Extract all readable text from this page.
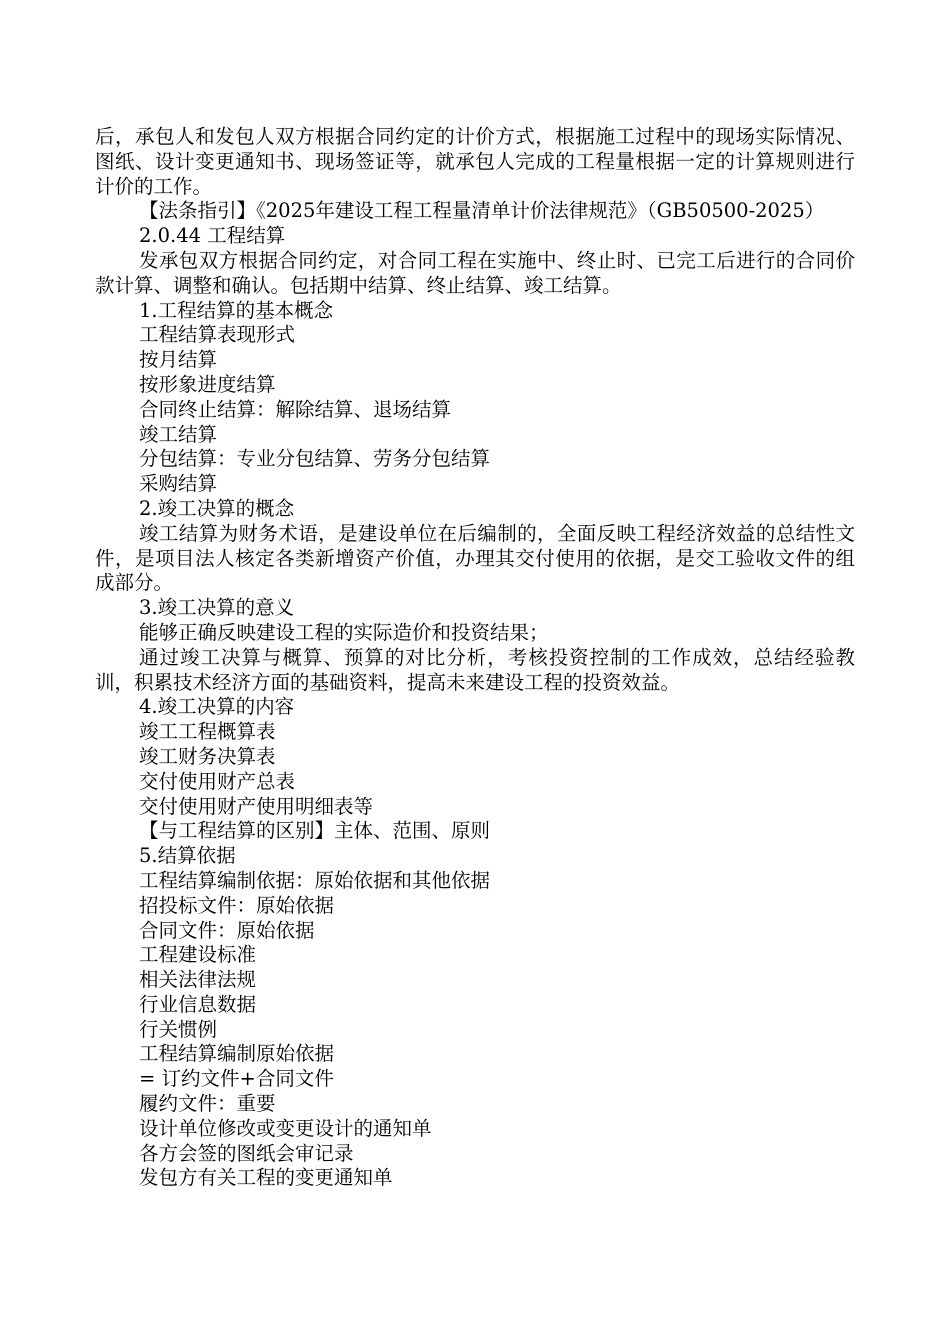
后，承包人和发包人双方根据合同约定的计价方式，根据施工过程中的现场实际情况、图纸、设计变更通知书、现场签证等，就承包人完成的工程量根据一定的计算规则进行计价的工作。
【法条指引】《2025年建设工程工程量清单计价法律规范》（GB50500-2025）
2.0.44 工程结算
发承包双方根据合同约定，对合同工程在实施中、终止时、已完工后进行的合同价款计算、调整和确认。包括期中结算、终止结算、竣工结算。
1.工程结算的基本概念
工程结算表现形式
按月结算
按形象进度结算
合同终止结算：解除结算、退场结算
竣工结算
分包结算：专业分包结算、劳务分包结算
采购结算
2.竣工决算的概念
竣工结算为财务术语，是建设单位在后编制的，全面反映工程经济效益的总结性文件，是项目法人核定各类新增资产价值，办理其交付使用的依据，是交工验收文件的组成部分。
3.竣工决算的意义
能够正确反映建设工程的实际造价和投资结果；
通过竣工决算与概算、预算的对比分析，考核投资控制的工作成效，总结经验教训，积累技术经济方面的基础资料，提高未来建设工程的投资效益。
4.竣工决算的内容
竣工工程概算表
竣工财务决算表
交付使用财产总表
交付使用财产使用明细表等
【与工程结算的区别】主体、范围、原则
5.结算依据
工程结算编制依据：原始依据和其他依据
招投标文件：原始依据
合同文件：原始依据
工程建设标准
相关法律法规
行业信息数据
行关惯例
工程结算编制原始依据
= 订约文件+合同文件
履约文件：重要
设计单位修改或变更设计的通知单
各方会签的图纸会审记录
发包方有关工程的变更通知单
